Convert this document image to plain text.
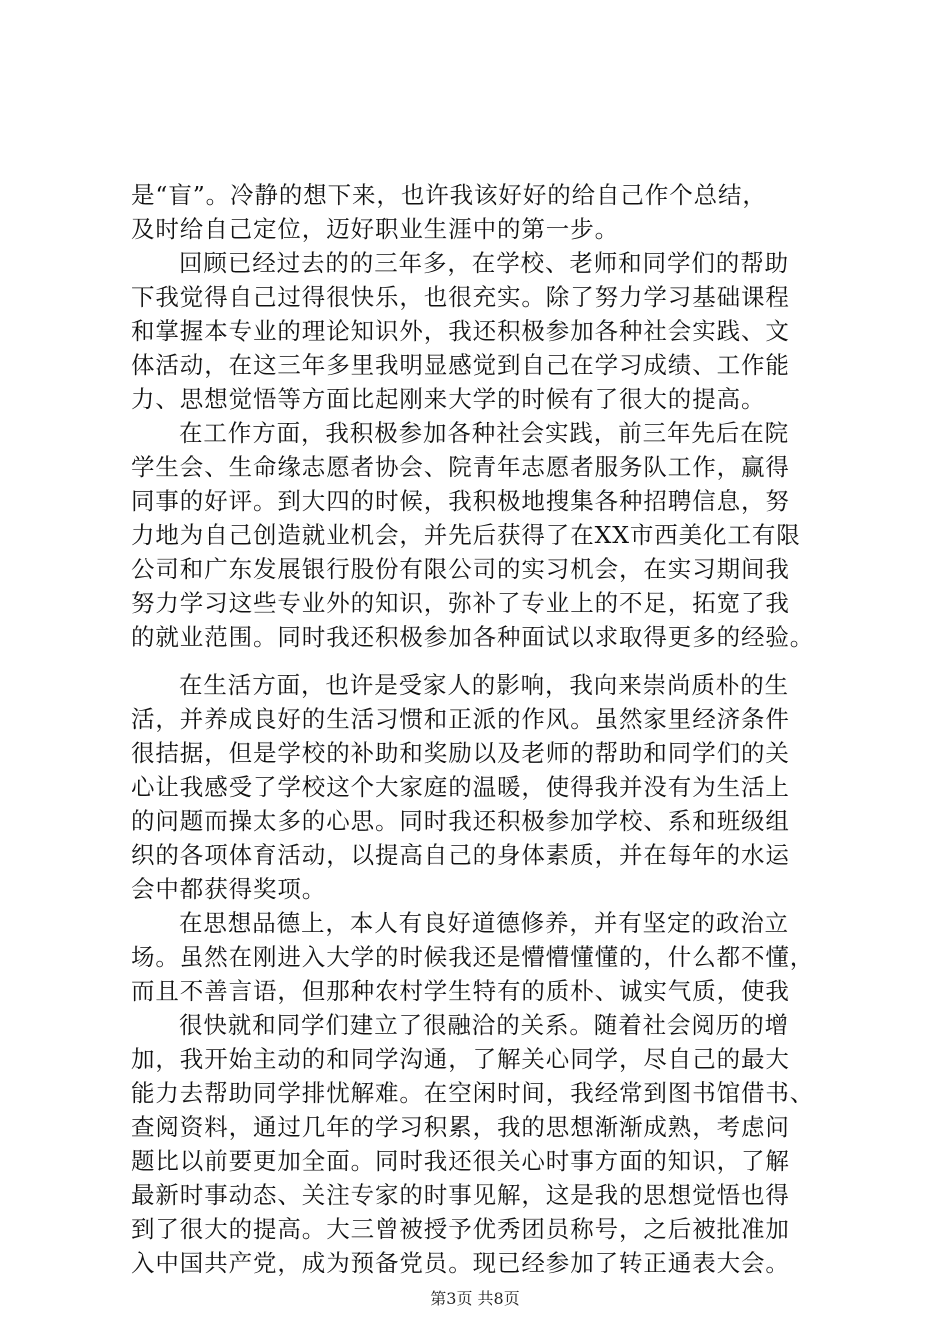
是“盲”。冷静的想下来，也许我该好好的给自己作个总结，
及时给自己定位，迈好职业生涯中的第一步。
回顾已经过去的的三年多，在学校、老师和同学们的帮助
下我觉得自己过得很快乐，也很充实。除了努力学习基础课程
和掌握本专业的理论知识外，我还积极参加各种社会实践、文
体活动，在这三年多里我明显感觉到自己在学习成绩、工作能
力、思想觉悟等方面比起刚来大学的时候有了很大的提高。
在工作方面，我积极参加各种社会实践，前三年先后在院
学生会、生命缘志愿者协会、院青年志愿者服务队工作，赢得
同事的好评。到大四的时候，我积极地搜集各种招聘信息，努
力地为自己创造就业机会，并先后获得了在XX市西美化工有限
公司和广东发展银行股份有限公司的实习机会，在实习期间我
努力学习这些专业外的知识，弥补了专业上的不足，拓宽了我
的就业范围。同时我还积极参加各种面试以求取得更多的经验。
在生活方面，也许是受家人的影响，我向来崇尚质朴的生
活，并养成良好的生活习惯和正派的作风。虽然家里经济条件
很拮据，但是学校的补助和奖励以及老师的帮助和同学们的关
心让我感受了学校这个大家庭的温暖，使得我并没有为生活上
的问题而操太多的心思。同时我还积极参加学校、系和班级组
织的各项体育活动，以提高自己的身体素质，并在每年的水运
会中都获得奖项。
在思想品德上，本人有良好道德修养，并有坚定的政治立
场。虽然在刚进入大学的时候我还是懵懵懂懂的，什么都不懂，
而且不善言语，但那种农村学生特有的质朴、诚实气质，使我
很快就和同学们建立了很融洽的关系。随着社会阅历的增
加，我开始主动的和同学沟通，了解关心同学，尽自己的最大
能力去帮助同学排忧解难。在空闲时间，我经常到图书馆借书、
查阅资料，通过几年的学习积累，我的思想渐渐成熟，考虑问
题比以前要更加全面。同时我还很关心时事方面的知识，了解
最新时事动态、关注专家的时事见解，这是我的思想觉悟也得
到了很大的提高。大三曾被授予优秀团员称号，之后被批准加
入中国共产党，成为预备党员。现已经参加了转正通表大会。
第3页 共8页
